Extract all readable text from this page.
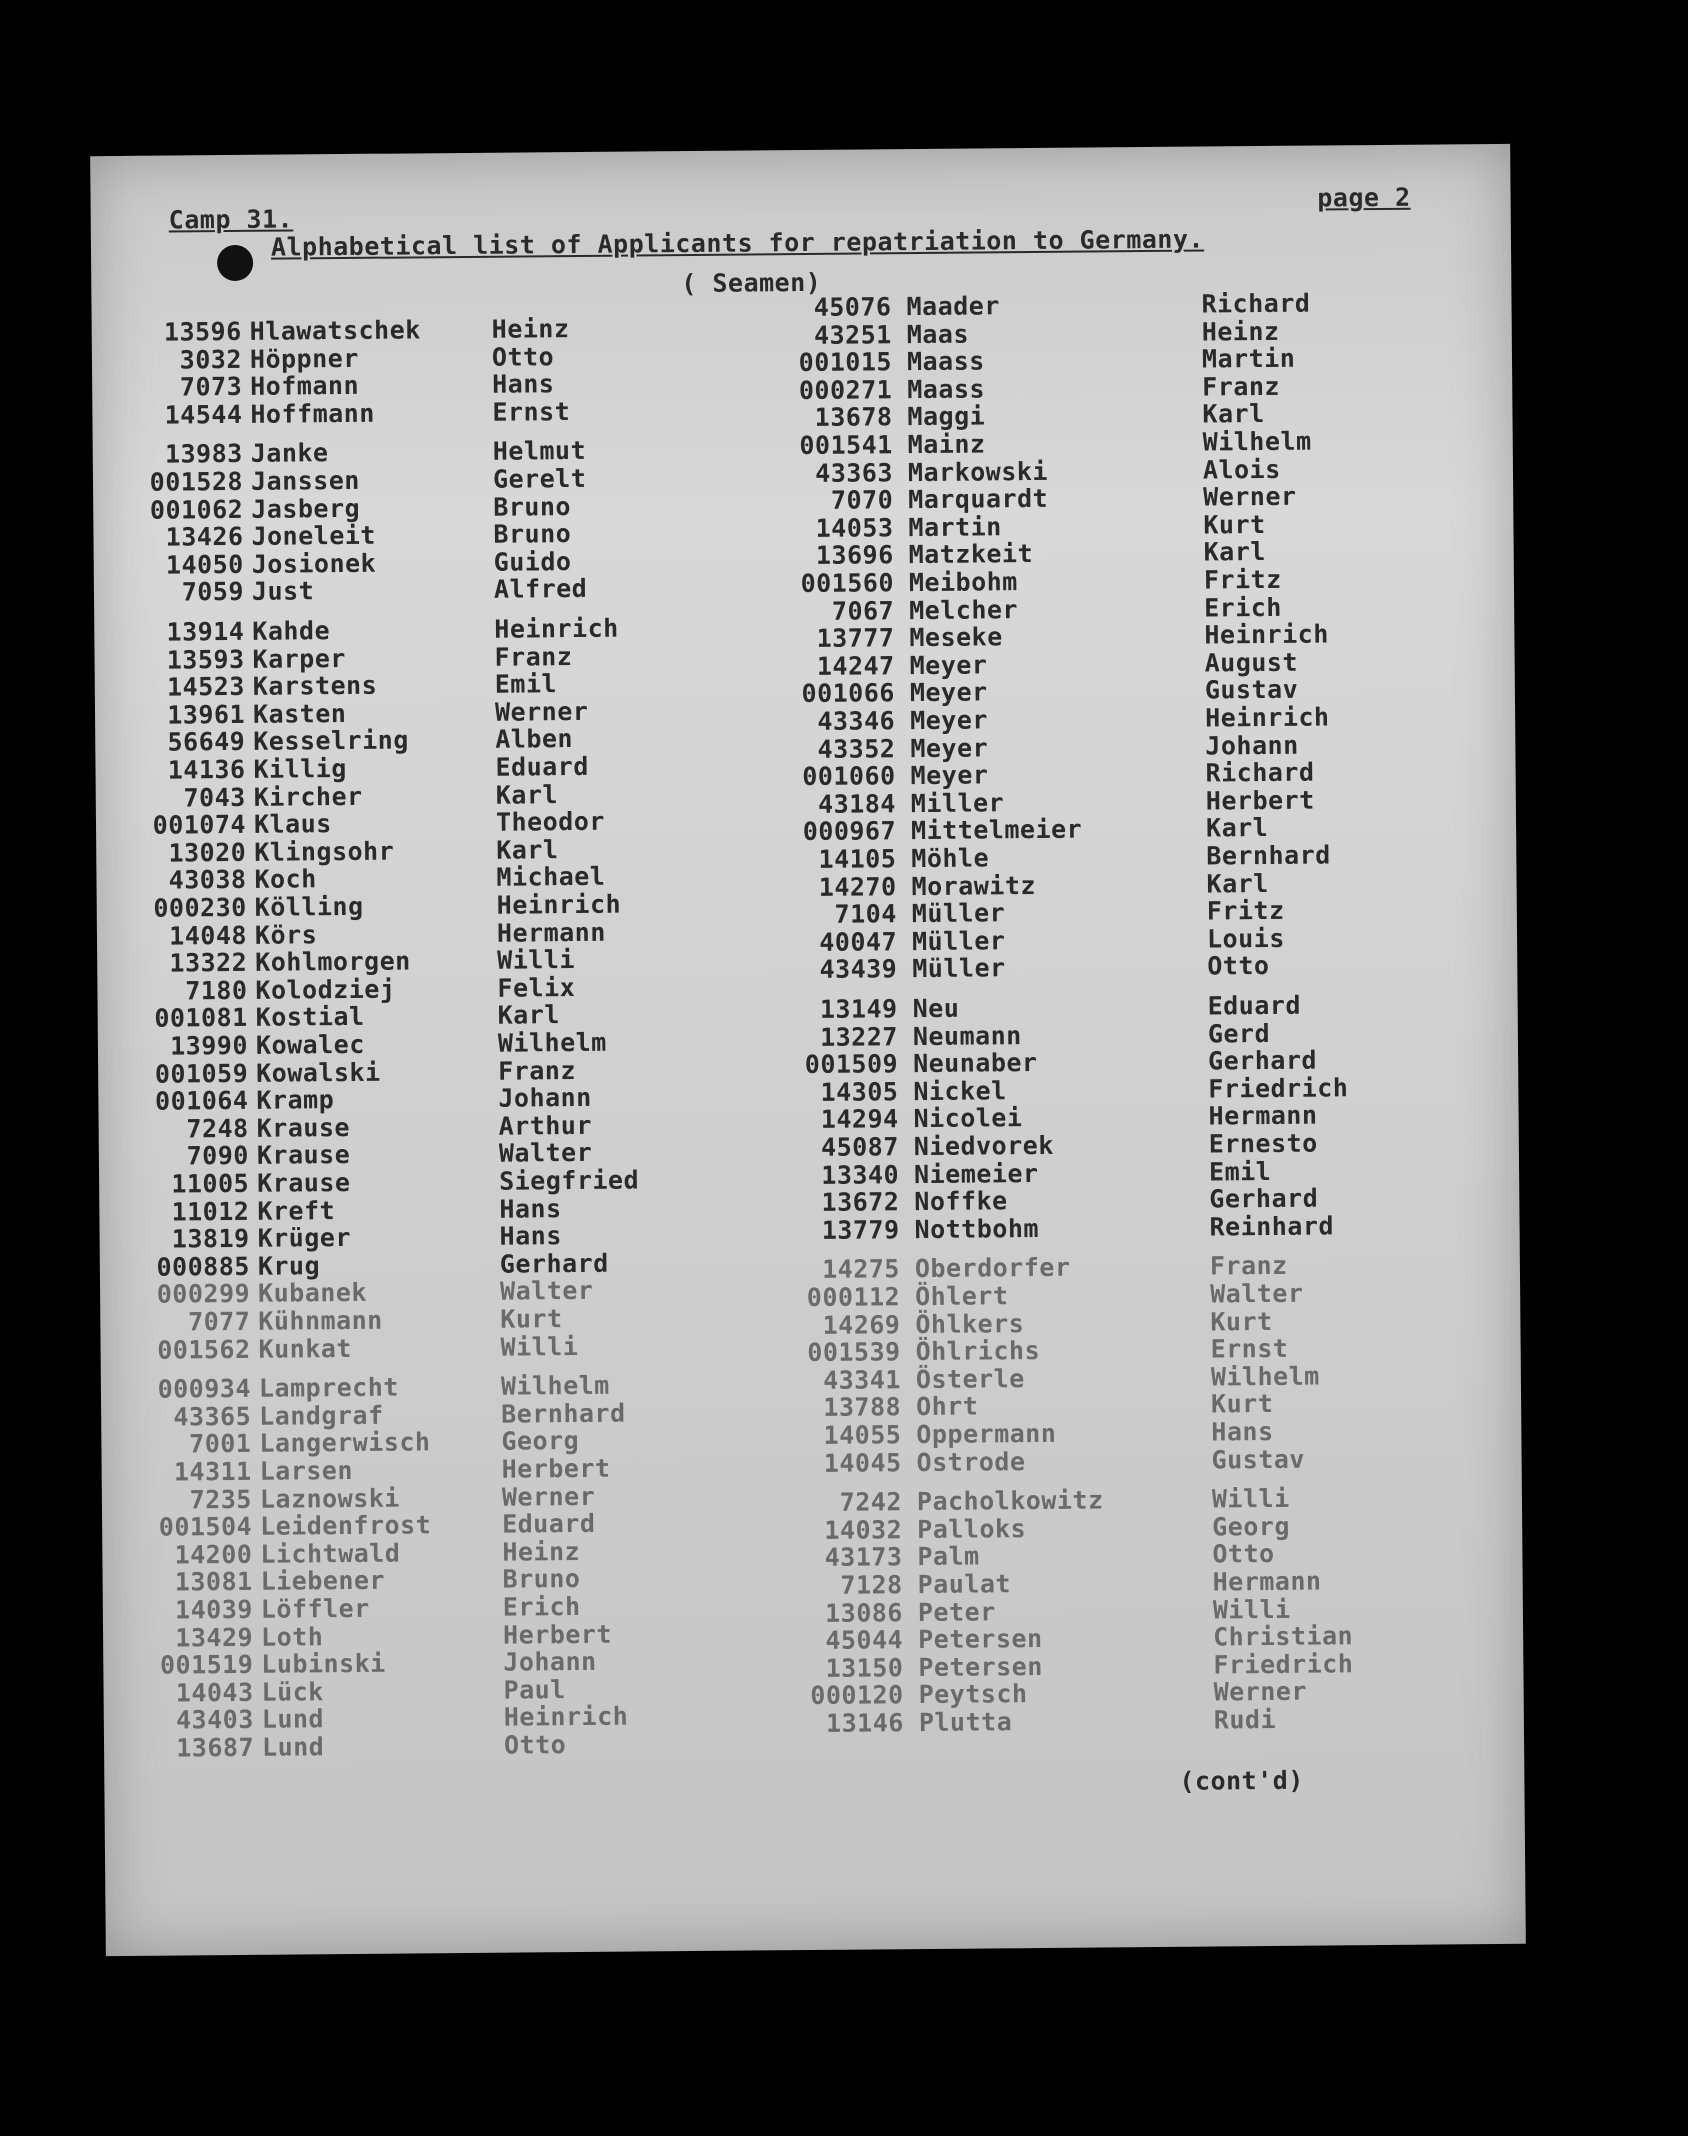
Camp 31.
page 2
Alphabetical list of Applicants for repatriation to Germany.
( Seamen)
13596 Hlawatschek	Heinz
3032 Höppner	Otto
7073 Hofmann	Hans
14544 Hoffmann	Ernst
13983 Janke	Helmut
001528 Janssen	Gerelt
001062 Jasberg	Bruno
13426 Joneleit	Bruno
14050 Josionek	Guido
7059 Just	Alfred
13914 Kahde	Heinrich
13593 Karper	Franz
14523 Karstens	Emil
13961 Kasten	Werner
56649 Kesselring	Alben
14136 Killig	Eduard
7043 Kircher	Karl
001074 Klaus	Theodor
13020 Klingsohr	Karl
43038 Koch	Michael
000230 Kölling	Heinrich
14048 Körs	Hermann
13322 Kohlmorgen	Willi
7180 Kolodziej	Felix
001081 Kostial	Karl
13990 Kowalec	Wilhelm
001059 Kowalski	Franz
001064 Kramp	Johann
7248 Krause	Arthur
7090 Krause	Walter
11005 Krause	Siegfried
11012 Kreft	Hans
13819 Krüger	Hans
000885 Krug	Gerhard
000299 Kubanek	Walter
7077 Kühnmann	Kurt
001562 Kunkat	Willi
000934 Lamprecht	Wilhelm
43365 Landgraf	Bernhard
7001 Langerwisch	Georg
14311 Larsen	Herbert
7235 Laznowski	Werner
001504 Leidenfrost	Eduard
14200 Lichtwald	Heinz
13081 Liebener	Bruno
14039 Löffler	Erich
13429 Loth	Herbert
001519 Lubinski	Johann
14043 Lück	Paul
43403 Lund	Heinrich
13687 Lund	Otto
45076 Maader	Richard
43251 Maas	Heinz
001015 Maass	Martin
000271 Maass	Franz
13678 Maggi	Karl
001541 Mainz	Wilhelm
43363 Markowski	Alois
7070 Marquardt	Werner
14053 Martin	Kurt
13696 Matzkeit	Karl
001560 Meibohm	Fritz
7067 Melcher	Erich
13777 Meseke	Heinrich
14247 Meyer	August
001066 Meyer	Gustav
43346 Meyer	Heinrich
43352 Meyer	Johann
001060 Meyer	Richard
43184 Miller	Herbert
000967 Mittelmeier	Karl
14105 Möhle	Bernhard
14270 Morawitz	Karl
7104 Müller	Fritz
40047 Müller	Louis
43439 Müller	Otto
13149 Neu	Eduard
13227 Neumann	Gerd
001509 Neunaber	Gerhard
14305 Nickel	Friedrich
14294 Nicolei	Hermann
45087 Niedvorek	Ernesto
13340 Niemeier	Emil
13672 Noffke	Gerhard
13779 Nottbohm	Reinhard
14275 Oberdorfer	Franz
000112 Öhlert	Walter
14269 Öhlkers	Kurt
001539 Öhlrichs	Ernst
43341 Österle	Wilhelm
13788 Ohrt	Kurt
14055 Oppermann	Hans
14045 Ostrode	Gustav
7242 Pacholkowitz	Willi
14032 Palloks	Georg
43173 Palm	Otto
7128 Paulat	Hermann
13086 Peter	Willi
45044 Petersen	Christian
13150 Petersen	Friedrich
000120 Peytsch	Werner
13146 Plutta	Rudi
(cont'd)
